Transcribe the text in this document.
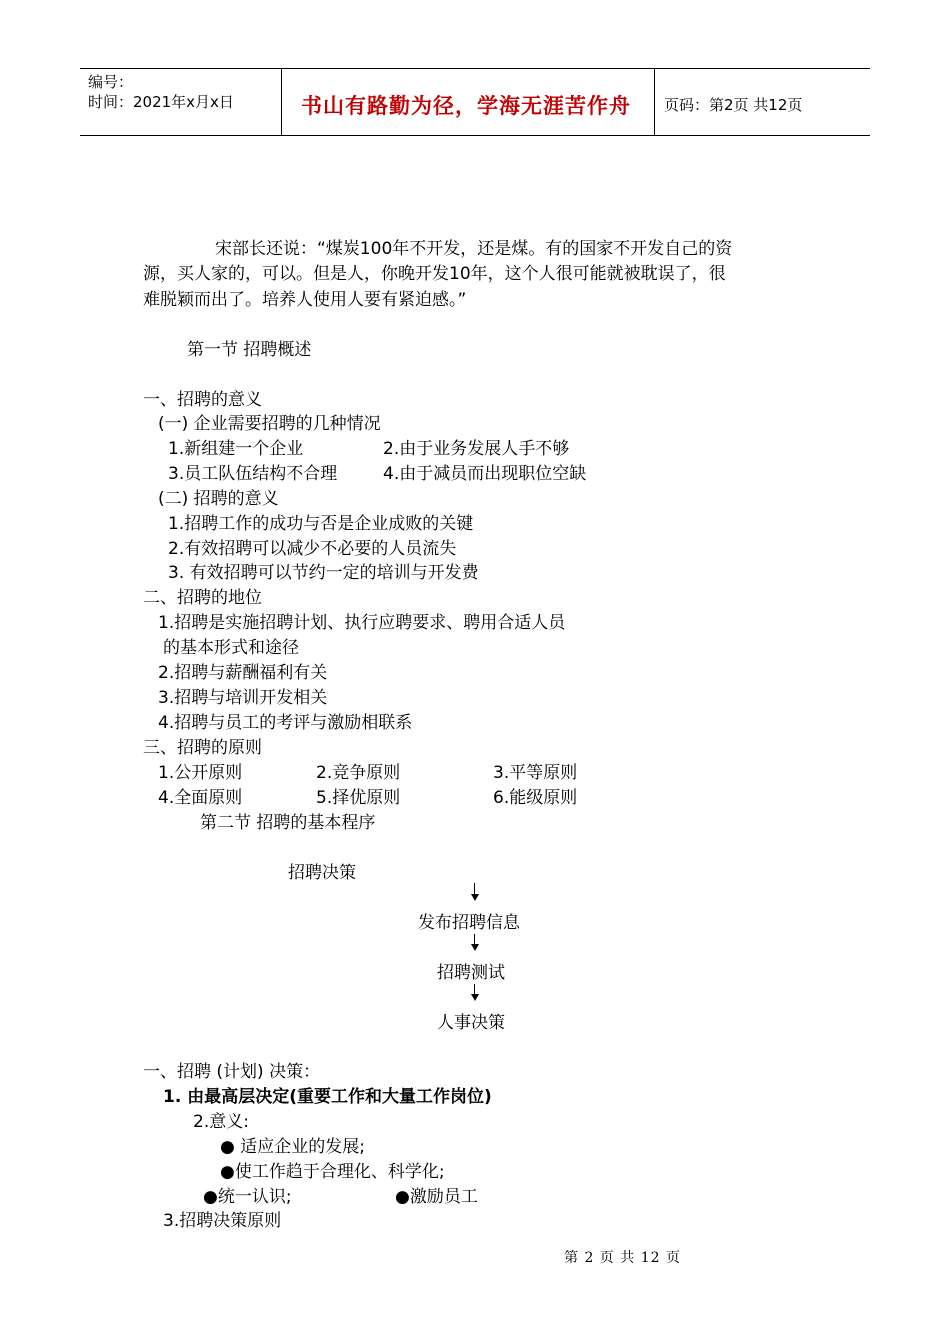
编号：
时间：2021年x月x日	书山有路勤为径，学海无涯苦作舟 页码：第2页 共12页
宋部长还说：“煤炭100年不开发，还是煤。有的国家不开发自己的资
源，买人家的，可以。但是人，你晚开发10年，这个人很可能就被耽误了，很
难脱颖而出了。培养人使用人要有紧迫感。”
第一节 招聘概述
一、招聘的意义
(一) 企业需要招聘的几种情况
1.新组建一个企业	2.由于业务发展人手不够
3.员工队伍结构不合理	4.由于减员而出现职位空缺
(二) 招聘的意义
1.招聘工作的成功与否是企业成败的关键
2.有效招聘可以减少不必要的人员流失
3. 有效招聘可以节约一定的培训与开发费
二、招聘的地位
1.招聘是实施招聘计划、执行应聘要求、聘用合适人员
的基本形式和途径
2.招聘与薪酬福利有关
3.招聘与培训开发相关
4.招聘与员工的考评与激励相联系
三、招聘的原则
1.公开原则	2.竞争原则	3.平等原则
4.全面原则	5.择优原则	6.能级原则
第二节 招聘的基本程序
招聘决策
发布招聘信息
招聘测试
人事决策
一、招聘 (计划) 决策：
1. 由最高层决定(重要工作和大量工作岗位)
2.意义:
● 适应企业的发展;
●使工作趋于合理化、科学化;
●统一认识;	●激励员工
3.招聘决策原则
第 2 页 共 12 页
